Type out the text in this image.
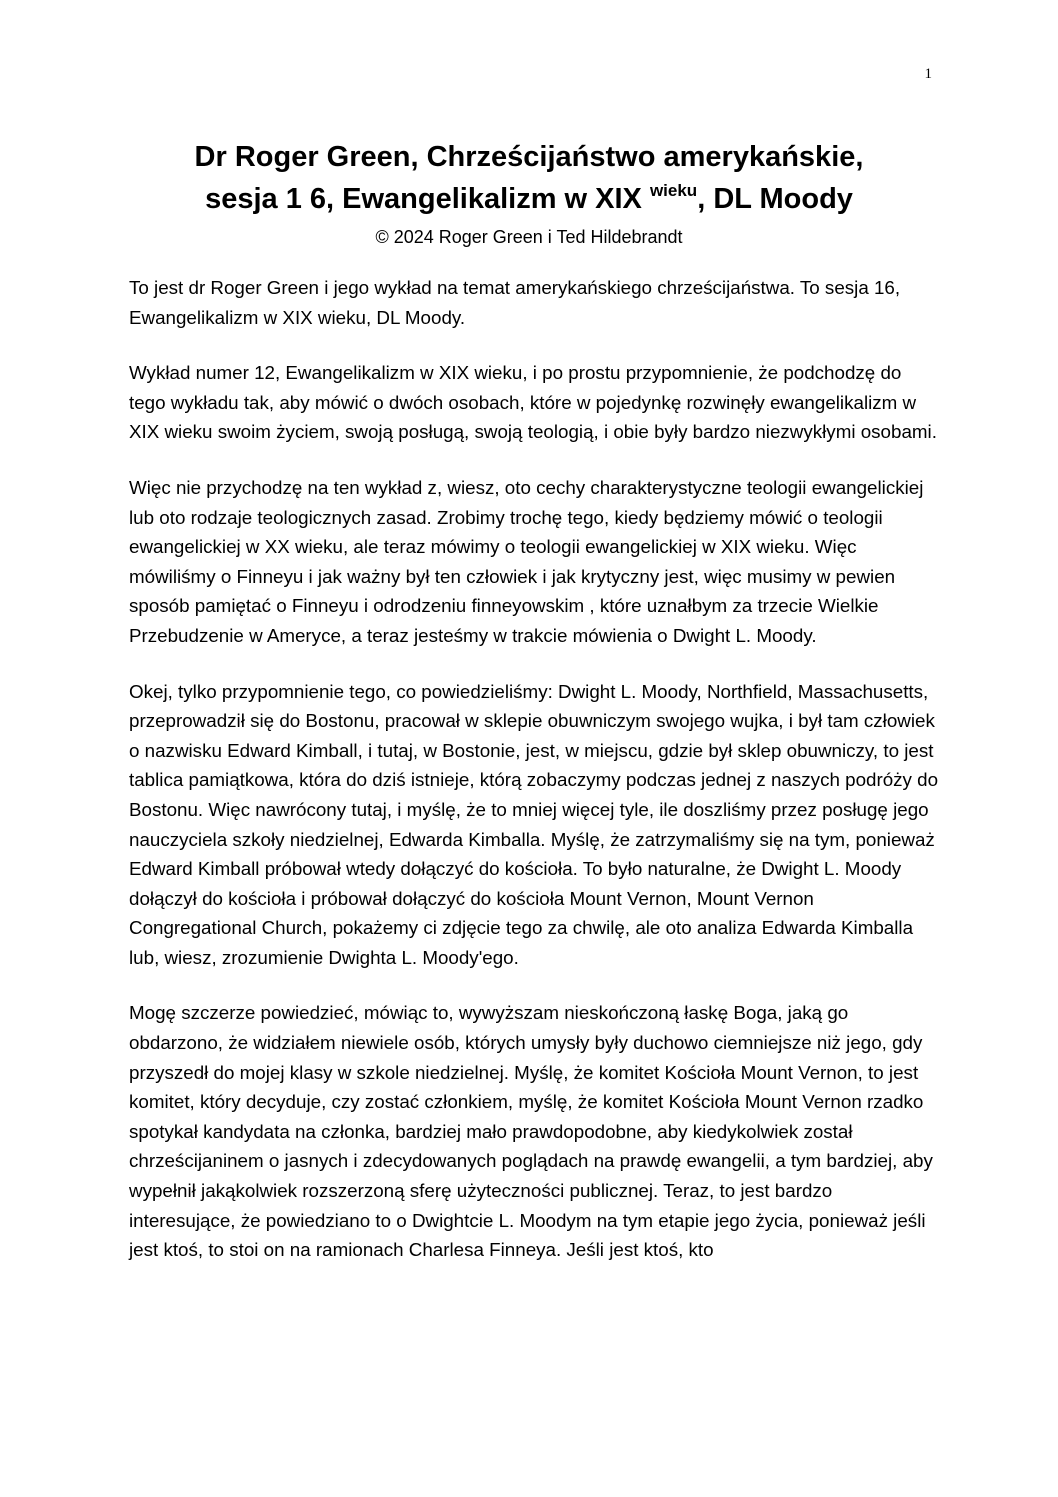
1
Dr Roger Green, Chrześcijaństwo amerykańskie,
sesja 1 6, Ewangelikalizm w XIX $^{wieku}$, DL Moody
© 2024 Roger Green i Ted Hildebrandt

To jest dr Roger Green i jego wykład na temat amerykańskiego chrześcijaństwa. To sesja 16, Ewangelikalizm w XIX wieku, DL Moody.

Wykład numer 12, Ewangelikalizm w XIX wieku, i po prostu przypomnienie, że podchodzę do tego wykładu tak, aby mówić o dwóch osobach, które w pojedynkę rozwinęły ewangelikalizm w XIX wieku swoim życiem, swoją posługą, swoją teologią, i obie były bardzo niezwykłymi osobami.

Więc nie przychodzę na ten wykład z, wiesz, oto cechy charakterystyczne teologii ewangelickiej lub oto rodzaje teologicznych zasad. Zrobimy trochę tego, kiedy będziemy mówić o teologii ewangelickiej w XX wieku, ale teraz mówimy o teologii ewangelickiej w XIX wieku. Więc mówiliśmy o Finneyu i jak ważny był ten człowiek i jak krytyczny jest, więc musimy w pewien sposób pamiętać o Finneyu i odrodzeniu finneyowskim , które uznałbym za trzecie Wielkie Przebudzenie w Ameryce, a teraz jesteśmy w trakcie mówienia o Dwight L. Moody.

Okej, tylko przypomnienie tego, co powiedzieliśmy: Dwight L. Moody, Northfield, Massachusetts, przeprowadził się do Bostonu, pracował w sklepie obuwniczym swojego wujka, i był tam człowiek o nazwisku Edward Kimball, i tutaj, w Bostonie, jest, w miejscu, gdzie był sklep obuwniczy, to jest tablica pamiątkowa, która do dziś istnieje, którą zobaczymy podczas jednej z naszych podróży do Bostonu. Więc nawrócony tutaj, i myślę, że to mniej więcej tyle, ile doszliśmy przez posługę jego nauczyciela szkoły niedzielnej, Edwarda Kimballa. Myślę, że zatrzymaliśmy się na tym, ponieważ Edward Kimball próbował wtedy dołączyć do kościoła. To było naturalne, że Dwight L. Moody dołączył do kościoła i próbował dołączyć do kościoła Mount Vernon, Mount Vernon Congregational Church, pokażemy ci zdjęcie tego za chwilę, ale oto analiza Edwarda Kimballa lub, wiesz, zrozumienie Dwighta L. Moody'ego.

Mogę szczerze powiedzieć, mówiąc to, wywyższam nieskończoną łaskę Boga, jaką go obdarzono, że widziałem niewiele osób, których umysły były duchowo ciemniejsze niż jego, gdy przyszedł do mojej klasy w szkole niedzielnej. Myślę, że komitet Kościoła Mount Vernon, to jest komitet, który decyduje, czy zostać członkiem, myślę, że komitet Kościoła Mount Vernon rzadko spotykał kandydata na członka, bardziej mało prawdopodobne, aby kiedykolwiek został chrześcijaninem o jasnych i zdecydowanych poglądach na prawdę ewangelii, a tym bardziej, aby wypełnił jakąkolwiek rozszerzoną sferę użyteczności publicznej. Teraz, to jest bardzo interesujące, że powiedziano to o Dwightcie L. Moodym na tym etapie jego życia, ponieważ jeśli jest ktoś, to stoi on na ramionach Charlesa Finneya. Jeśli jest ktoś, kto
